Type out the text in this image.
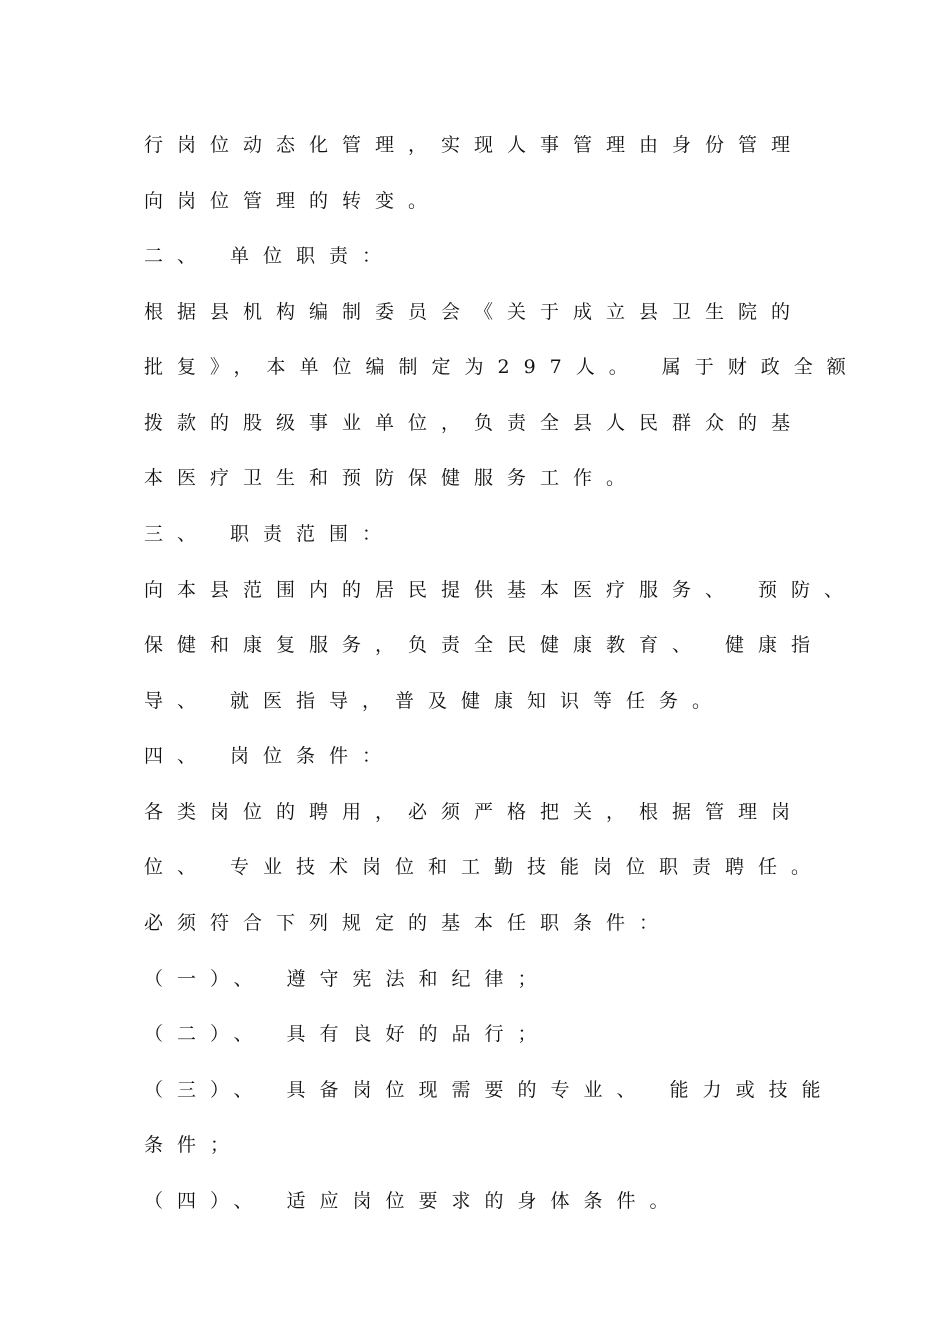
行岗位动态化管理，实现人事管理由身份管理
向岗位管理的转变。
二、 单位职责：
根据县机构编制委员会《关于成立县卫生院的
批复》，本单位编制定为297人。 属于财政全额
拨款的股级事业单位，负责全县人民群众的基
本医疗卫生和预防保健服务工作。
三、 职责范围：
向本县范围内的居民提供基本医疗服务、 预防、
保健和康复服务，负责全民健康教育、 健康指
导、 就医指导，普及健康知识等任务。
四、 岗位条件：
各类岗位的聘用，必须严格把关，根据管理岗
位、 专业技术岗位和工勤技能岗位职责聘任。
必须符合下列规定的基本任职条件：
（一）、 遵守宪法和纪律；
（二）、 具有良好的品行；
（三）、 具备岗位现需要的专业、 能力或技能
条件；
（四）、 适应岗位要求的身体条件。
